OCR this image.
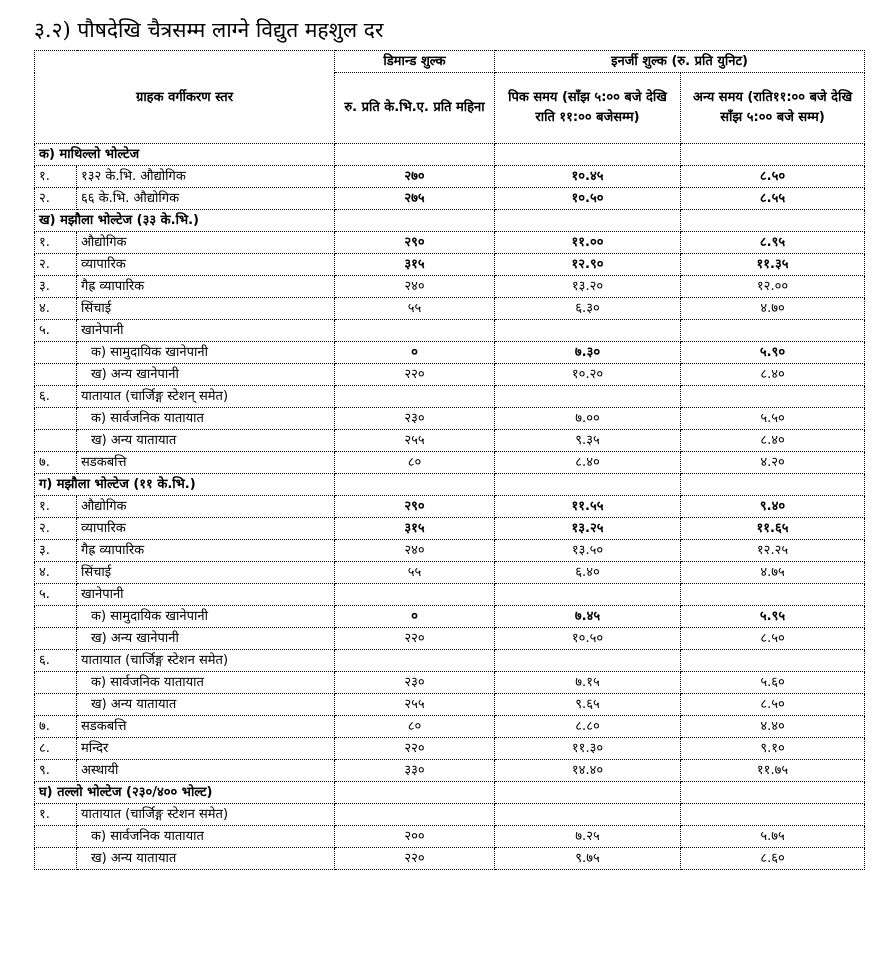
३.२) पौषदेखि चैत्रसम्म लाग्ने विद्युत महशुल दर
ग्राहक वर्गीकरण स्तर		डिमान्ड शुल्क	इनर्जी शुल्क (रु. प्रति युनिट)	
		रु. प्रति के.भि.ए. प्रति महिना	पिक समय (साँझ ५:०० बजे देखि राति ११:०० बजेसम्म)	अन्य समय (राति११:०० बजे देखि साँझ ५:०० बजे सम्म)
क) माथिल्लो भोल्टेज				
१.	१३२ के.भि. औद्योगिक	२७०	१०.४५	८.५०
२.	६६ के.भि. औद्योगिक	२७५	१०.५०	८.५५
ख) मझौला भोल्टेज (३३ के.भि.)				
१.	औद्योगिक	२९०	११.००	८.९५
२.	व्यापारिक	३१५	१२.९०	११.३५
३.	गैह्र व्यापारिक	२४०	१३.२०	१२.००
४.	सिंचाई	५५	६.३०	४.७०
५.	खानेपानी			
	क) सामुदायिक खानेपानी	०	७.३०	५.९०
	ख) अन्य खानेपानी	२२०	१०.२०	८.४०
६.	यातायात (चार्जिङ्ग स्टेशन् समेत)			
	क) सार्वजनिक यातायात	२३०	७.००	५.५०
	ख) अन्य यातायात	२५५	९.३५	८.४०
७.	सडकबत्ति	८०	८.४०	४.२०
ग) मझौला भोल्टेज (११ के.भि.)				
१.	औद्योगिक	२९०	११.५५	९.४०
२.	व्यापारिक	३१५	१३.२५	११.६५
३.	गैह्र व्यापारिक	२४०	१३.५०	१२.२५
४.	सिंचाई	५५	६.४०	४.७५
५.	खानेपानी			
	क) सामुदायिक खानेपानी	०	७.४५	५.९५
	ख) अन्य खानेपानी	२२०	१०.५०	८.५०
६.	यातायात (चार्जिङ्ग स्टेशन समेत)			
	क) सार्वजनिक यातायात	२३०	७.१५	५.६०
	ख) अन्य यातायात	२५५	९.६५	८.५०
७.	सडकबत्ति	८०	८.८०	४.४०
८.	मन्दिर	२२०	११.३०	९.१०
९.	अस्थायी	३३०	१४.४०	११.७५
घ) तल्लो भोल्टेज (२३०/४०० भोल्ट)				
१.	यातायात (चार्जिङ्ग स्टेशन समेत)			
	क) सार्वजनिक यातायात	२००	७.२५	५.७५
	ख) अन्य यातायात	२२०	९.७५	८.६०
